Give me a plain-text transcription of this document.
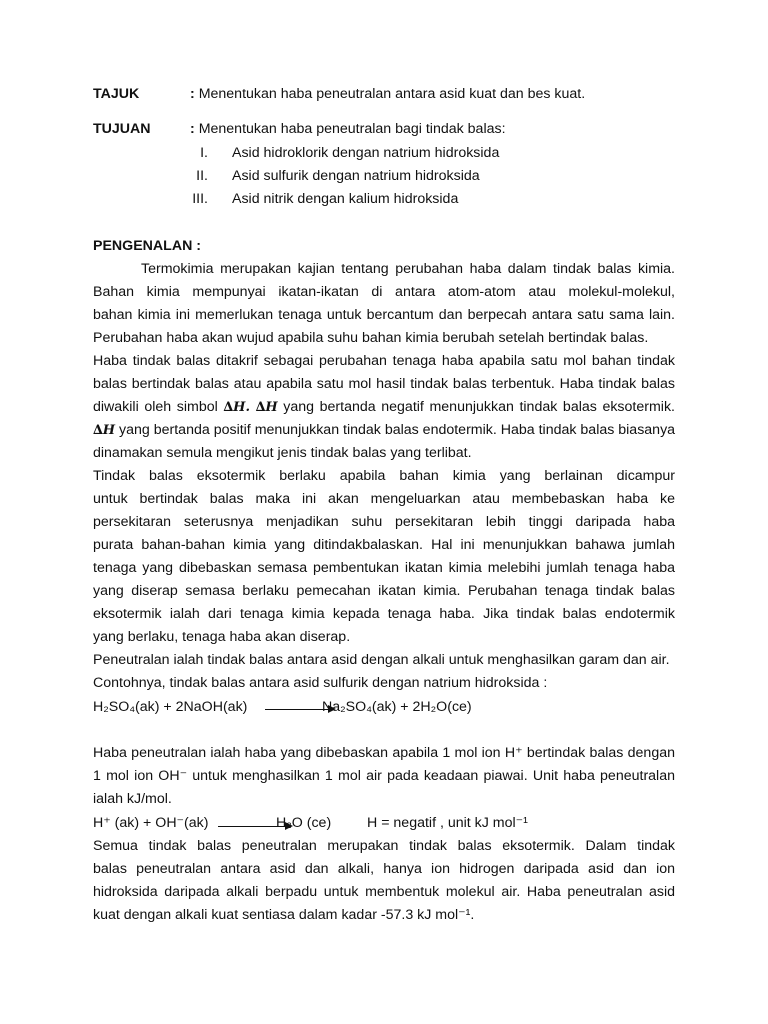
TAJUK	: Menentukan haba peneutralan antara asid kuat dan bes kuat.
TUJUAN	: Menentukan haba peneutralan bagi tindak balas:
I. Asid hidroklorik dengan natrium hidroksida
II. Asid sulfurik dengan natrium hidroksida
III. Asid nitrik dengan kalium hidroksida
PENGENALAN :
Termokimia merupakan kajian tentang perubahan haba dalam tindak balas kimia.
Bahan kimia mempunyai ikatan-ikatan di antara atom-atom atau molekul-molekul,
bahan kimia ini memerlukan tenaga untuk bercantum dan berpecah antara satu sama lain.
Perubahan haba akan wujud apabila suhu bahan kimia berubah setelah bertindak balas.
Haba tindak balas ditakrif sebagai perubahan tenaga haba apabila satu mol bahan tindak
balas bertindak balas atau apabila satu mol hasil tindak balas terbentuk. Haba tindak balas
diwakili oleh simbol ∆H. ∆H yang bertanda negatif menunjukkan tindak balas eksotermik.
∆H yang bertanda positif menunjukkan tindak balas endotermik. Haba tindak balas biasanya
dinamakan semula mengikut jenis tindak balas yang terlibat.
Tindak balas eksotermik berlaku apabila bahan kimia yang berlainan dicampur
untuk bertindak balas maka ini akan mengeluarkan atau membebaskan haba ke
persekitaran seterusnya menjadikan suhu persekitaran lebih tinggi daripada haba
purata bahan-bahan kimia yang ditindakbalaskan. Hal ini menunjukkan bahawa jumlah
tenaga yang dibebaskan semasa pembentukan ikatan kimia melebihi jumlah tenaga haba
yang diserap semasa berlaku pemecahan ikatan kimia. Perubahan tenaga tindak balas
eksotermik ialah dari tenaga kimia kepada tenaga haba. Jika tindak balas endotermik
yang berlaku, tenaga haba akan diserap.
Peneutralan ialah tindak balas antara asid dengan alkali untuk menghasilkan garam dan air.
Contohnya, tindak balas antara asid sulfurik dengan natrium hidroksida :
H₂SO₄(ak) + 2NaOH(ak)	Na₂SO₄(ak) + 2H₂O(ce)
Haba peneutralan ialah haba yang dibebaskan apabila 1 mol ion H⁺ bertindak balas dengan
1 mol ion OH⁻ untuk menghasilkan 1 mol air pada keadaan piawai. Unit haba peneutralan
ialah kJ/mol.
H⁺ (ak) + OH⁻(ak)	H₂O (ce)	H = negatif , unit kJ mol⁻¹
Semua tindak balas peneutralan merupakan tindak balas eksotermik. Dalam tindak
balas peneutralan antara asid dan alkali, hanya ion hidrogen daripada asid dan ion
hidroksida daripada alkali berpadu untuk membentuk molekul air. Haba peneutralan asid
kuat dengan alkali kuat sentiasa dalam kadar -57.3 kJ mol⁻¹.
